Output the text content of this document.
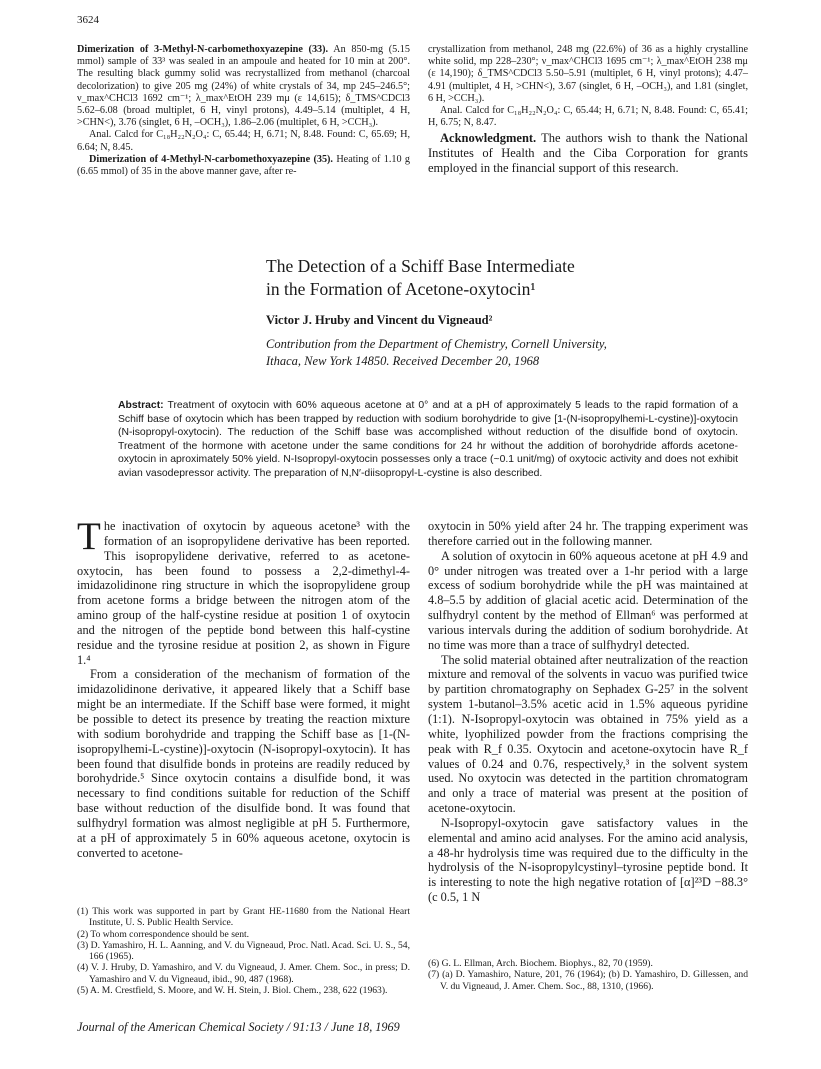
3624

Dimerization of 3-Methyl-N-carbomethoxyazepine (33). An 850-mg (5.15 mmol) sample of 33³ was sealed in an ampoule and heated for 10 min at 200°. The resulting black gummy solid was recrystallized from methanol (charcoal decolorization) to give 205 mg (24%) of white crystals of 34, mp 245–246.5°; ν_max^CHCl3 1692 cm⁻¹; λ_max^EtOH 239 mμ (ε 14,615); δ_TMS^CDCl3 5.62–6.08 (broad multiplet, 6 H, vinyl protons), 4.49–5.14 (multiplet, 4 H, >CHN<), 3.76 (singlet, 6 H, –OCH₃), 1.86–2.06 (multiplet, 6 H, >CCH₃).

Anal. Calcd for C₁₈H₂₂N₂O₄: C, 65.44; H, 6.71; N, 8.48. Found: C, 65.69; H, 6.64; N, 8.45.

Dimerization of 4-Methyl-N-carbomethoxyazepine (35). Heating of 1.10 g (6.65 mmol) of 35 in the above manner gave, after re-

crystallization from methanol, 248 mg (22.6%) of 36 as a highly crystalline white solid, mp 228–230°; ν_max^CHCl3 1695 cm⁻¹; λ_max^EtOH 238 mμ (ε 14,190); δ_TMS^CDCl3 5.50–5.91 (multiplet, 6 H, vinyl protons); 4.47–4.91 (multiplet, 4 H, >CHN<), 3.67 (singlet, 6 H, –OCH₃), and 1.81 (singlet, 6 H, >CCH₃).

Anal. Calcd for C₁₈H₂₂N₂O₄: C, 65.44; H, 6.71; N, 8.48. Found: C, 65.41; H, 6.75; N, 8.47.

Acknowledgment. The authors wish to thank the National Institutes of Health and the Ciba Corporation for grants employed in the financial support of this research.

The Detection of a Schiff Base Intermediate
in the Formation of Acetone-oxytocin¹
Victor J. Hruby and Vincent du Vigneaud²

Contribution from the Department of Chemistry, Cornell University,
Ithaca, New York 14850. Received December 20, 1968

Abstract: Treatment of oxytocin with 60% aqueous acetone at 0° and at a pH of approximately 5 leads to the rapid formation of a Schiff base of oxytocin which has been trapped by reduction with sodium borohydride to give [1-(N-isopropylhemi-L-cystine)]-oxytocin (N-isopropyl-oxytocin). The reduction of the Schiff base was accomplished without reduction of the disulfide bond of oxytocin. Treatment of the hormone with acetone under the same conditions for 24 hr without the addition of borohydride affords acetone-oxytocin in aproximately 50% yield. N-Isopropyl-oxytocin possesses only a trace (~0.1 unit/mg) of oxytocic activity and does not exhibit avian vasodepressor activity. The preparation of N,N′-diisopropyl-L-cystine is also described.

The inactivation of oxytocin by aqueous acetone³ with the formation of an isopropylidene derivative has been reported. This isopropylidene derivative, referred to as acetone-oxytocin, has been found to possess a 2,2-dimethyl-4-imidazolidinone ring structure in which the isopropylidene group from acetone forms a bridge between the nitrogen atom of the amino group of the half-cystine residue at position 1 of oxytocin and the nitrogen of the peptide bond between this half-cystine residue and the tyrosine residue at position 2, as shown in Figure 1.⁴

From a consideration of the mechanism of formation of the imidazolidinone derivative, it appeared likely that a Schiff base might be an intermediate. If the Schiff base were formed, it might be possible to detect its presence by treating the reaction mixture with sodium borohydride and trapping the Schiff base as [1-(N-isopropylhemi-L-cystine)]-oxytocin (N-isopropyl-oxytocin). It has been found that disulfide bonds in proteins are readily reduced by borohydride.⁵ Since oxytocin contains a disulfide bond, it was necessary to find conditions suitable for reduction of the Schiff base without reduction of the disulfide bond. It was found that sulfhydryl formation was almost negligible at pH 5. Furthermore, at a pH of approximately 5 in 60% aqueous acetone, oxytocin is converted to acetone-

oxytocin in 50% yield after 24 hr. The trapping experiment was therefore carried out in the following manner.

A solution of oxytocin in 60% aqueous acetone at pH 4.9 and 0° under nitrogen was treated over a 1-hr period with a large excess of sodium borohydride while the pH was maintained at 4.8–5.5 by addition of glacial acetic acid. Determination of the sulfhydryl content by the method of Ellman⁶ was performed at various intervals during the addition of sodium borohydride. At no time was more than a trace of sulfhydryl detected.

The solid material obtained after neutralization of the reaction mixture and removal of the solvents in vacuo was purified twice by partition chromatography on Sephadex G-25⁷ in the solvent system 1-butanol–3.5% acetic acid in 1.5% aqueous pyridine (1:1). N-Isopropyl-oxytocin was obtained in 75% yield as a white, lyophilized powder from the fractions comprising the peak with R_f 0.35. Oxytocin and acetone-oxytocin have R_f values of 0.24 and 0.76, respectively,³ in the solvent system used. No oxytocin was detected in the partition chromatogram and only a trace of material was present at the position of acetone-oxytocin.

N-Isopropyl-oxytocin gave satisfactory values in the elemental and amino acid analyses. For the amino acid analysis, a 48-hr hydrolysis time was required due to the difficulty in the hydrolysis of the N-isopropylcystinyl–tyrosine peptide bond. It is interesting to note the high negative rotation of [α]²³D −88.3° (c 0.5, 1 N

(1) This work was supported in part by Grant HE-11680 from the National Heart Institute, U. S. Public Health Service.

(2) To whom correspondence should be sent.

(3) D. Yamashiro, H. L. Aanning, and V. du Vigneaud, Proc. Natl. Acad. Sci. U. S., 54, 166 (1965).

(4) V. J. Hruby, D. Yamashiro, and V. du Vigneaud, J. Amer. Chem. Soc., in press; D. Yamashiro and V. du Vigneaud, ibid., 90, 487 (1968).

(5) A. M. Crestfield, S. Moore, and W. H. Stein, J. Biol. Chem., 238, 622 (1963).

(6) G. L. Ellman, Arch. Biochem. Biophys., 82, 70 (1959).

(7) (a) D. Yamashiro, Nature, 201, 76 (1964); (b) D. Yamashiro, D. Gillessen, and V. du Vigneaud, J. Amer. Chem. Soc., 88, 1310, (1966).

Journal of the American Chemical Society / 91:13 / June 18, 1969
